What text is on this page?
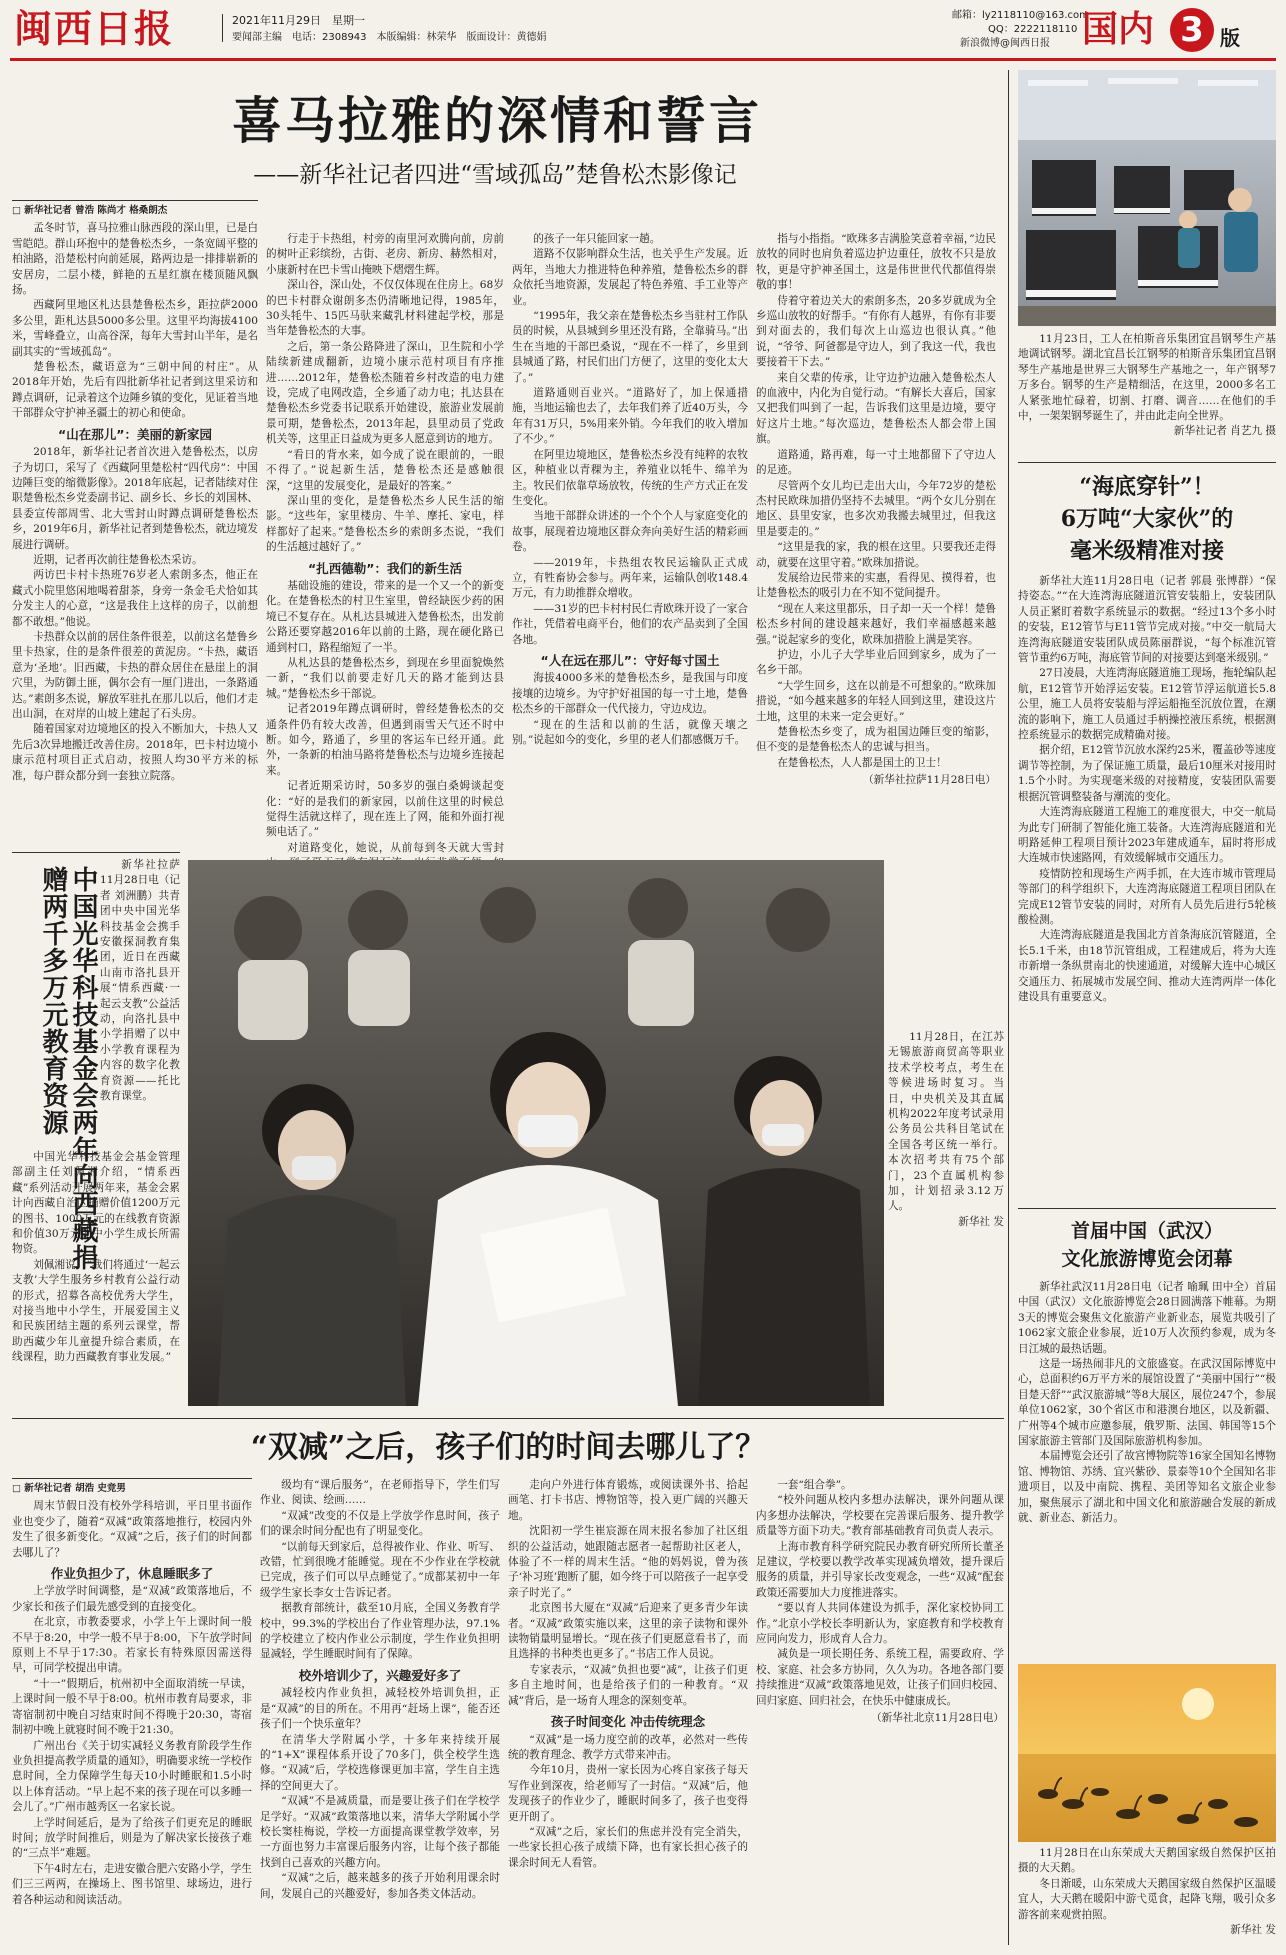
闽西日报	2021年11月29日　星期一
要闻部主编　电话：2308943　本版编辑：林荣华　版面设计：黄德娟
邮箱：ly2118110@163.com
QQ：2222118110
新浪微博@闽西日报 国内 3 版
喜马拉雅的深情和誓言
——新华社记者四进“雪域孤岛”楚鲁松杰影像记
□ 新华社记者 曾浩 陈尚才 格桑朗杰

孟冬时节，喜马拉雅山脉西段的深山里，已是白雪皑皑。群山环抱中的楚鲁松杰乡，一条宽阔平整的柏油路，沿楚松村向前延展，路两边是一排排崭新的安居房，二层小楼，鲜艳的五星红旗在楼顶随风飘扬。

西藏阿里地区札达县楚鲁松杰乡，距拉萨2000多公里，距札达县5000多公里。这里平均海拔4100米，雪峰叠立，山高谷深，每年大雪封山半年，是名副其实的“雪域孤岛”。

楚鲁松杰，藏语意为“三朝中间的村庄”。从2018年开始，先后有四批新华社记者到这里采访和蹲点调研，记录着这个边陲乡镇的变化，见证着当地干部群众守护神圣疆土的初心和使命。

“山在那儿”：美丽的新家园

2018年，新华社记者首次进入楚鲁松杰，以房子为切口，采写了《西藏阿里楚松村“四代房”：中国边陲巨变的缩微影像》。2018年底起，记者陆续对住职楚鲁松杰乡党委副书记、副乡长、乡长的刘国林、县委宣传部周雪、北大雪封山时蹲点调研楚鲁松杰乡，2019年6月，新华社记者到楚鲁松杰，就边境发展进行调研。

近期，记者再次前往楚鲁松杰采访。

两访巴卡村卡热班76岁老人索朗多杰，他正在藏式小院里悠闲地喝着甜茶，身旁一条金毛犬恰如其分发主人的心意，“这是我住上这样的房子，以前想都不敢想。”他说。

卡热群众以前的居住条件很差，以前这名楚鲁乡里卡热家，住的是条件很差的黄泥房。“卡热，藏语意为‘圣地’。旧西藏，卡热的群众居住在悬崖上的洞穴里，为防御土匪，偶尔会有一厘门进出，一条路通达。”素朗多杰说，解放军驻扎在那儿以后，他们才走出山洞，在对岸的山坡上建起了石头房。

随着国家对边境地区的投入不断加大，卡热人又先后3次异地搬迁改善住房。2018年，巴卡村边境小康示范村项目正式启动，按照人均30平方米的标准，每户群众都分到一套独立院落。

行走于卡热组，村旁的南里河欢腾向前，房前的树叶正彩缤纷，古街、老房、新房、赫然相对，小康新村在巴卡雪山掩映下熠熠生辉。

深山谷，深山处，不仅仅体现在住房上。68岁的巴卡村群众谢朗多杰仍清晰地记得，1985年，30头牦牛、15匹马驮来藏乳材料建起学校，那是当年楚鲁松杰的大事。

之后，第一条公路降进了深山，卫生院和小学陆续新建成翻新，边境小康示范村项目有序推进……2012年，楚鲁松杰随着乡村改造的电力建设，完成了电网改造，全乡通了动力电；扎达县在楚鲁松杰乡党委书记联系开始建设，旅游业发展前景可期，楚鲁松杰，2013年起，县里动员了党政机关等，这里正日益成为更多人愿意到访的地方。

“看日的背水来，如今成了说在眼前的，一眼不得了。”说起新生活，楚鲁松杰还是感触很深，“这里的发展变化，是最好的答案。”

深山里的变化，是楚鲁松杰乡人民生活的缩影。“这些年，家里楼房、牛羊、摩托、家电，样样都好了起来。”楚鲁松杰乡的索朗多杰说，“我们的生活越过越好了。”

“扎西德勒”：我们的新生活

基础设施的建设，带来的是一个又一个的新变化。在楚鲁松杰的村卫生室里，曾经缺医少药的困境已不复存在。从札达县城进入楚鲁松杰，出发前公路还要穿越2016年以前的土路，现在硬化路已通到村口，路程缩短了一半。

从札达县的楚鲁松杰乡，到现在乡里面貌焕然一新，“我们以前要走好几天的路才能到达县城。”楚鲁松杰乡干部说。

记者2019年蹲点调研时，曾经楚鲁松杰的交通条件仍有较大改善，但遇到雨雪天气还不时中断。如今，路通了，乡里的客运车已经开通。此外，一条新的柏油马路将楚鲁松杰与边境乡连接起来。

记者近期采访时，50多岁的强白桑姆谈起变化：“好的是我们的新家园，以前住这里的时候总觉得生活就这样了，现在连上了网，能和外面打视频电话了。”

对道路变化，她说，从前每到冬天就大雪封

的孩子一年只能回家一趟。

道路不仅影响群众生活，也关乎生产发展。近两年，当地大力推进特色种养殖，楚鲁松杰乡的群众依托当地资源，发展起了特色养殖、手工业等产业。

“1995年，我父亲在楚鲁松杰乡当驻村工作队员的时候，从县城到乡里还没有路，全靠骑马。”出生在当地的干部巴桑说，“现在不一样了，乡里到县城通了路，村民们出门方便了，这里的变化太大了。”

道路通则百业兴。“道路好了，加上保通措施，当地运输也去了，去年我们养了近40万头，今年有31万只，5%用来外销。今年我们的收入增加了不少。”

在阿里边境地区，楚鲁松杰乡没有纯粹的农牧区，种植业以青稞为主，养殖业以牦牛、绵羊为主。牧民们依靠草场放牧，传统的生产方式正在发生变化。

当地干部群众讲述的一个个个人与家庭变化的故事，展现着边境地区群众奔向美好生活的精彩画卷。

——2019年，卡热组农牧民运输队正式成立，有牲畜协会参与。两年来，运输队创收148.4万元，有力助推群众增收。

——31岁的巴卡村村民仁青欧珠开设了一家合作社，凭借着电商平台，他们的农产品卖到了全国各地。

“人在远在那儿”：守好每寸国土

海拔4000多米的楚鲁松杰乡，是我国与印度接壤的边境乡。为守护好祖国的每一寸土地，楚鲁松杰乡的干部群众一代代接力，守边戍边。

“现在的生活和以前的生活，就像天壤之别。”说起如今的变化，乡里的老人们都感慨万千。

指与小指指。“欧珠多吉满脸笑意着幸福，”边民放牧的同时也肩负着巡边护边重任，放牧不只是放牧，更是守护神圣国土，这是伟世世代代都值得崇敬的事！

侍着守着边关大的索朗多杰，20多岁就成为全乡巡山放牧的好帮手。“有你有人越界，有你有非要到对面去的，我们每次上山巡边也很认真。”他说，“爷爷、阿爸都是守边人，到了我这一代，我也要接着干下去。”

来自父辈的传承，让守边护边融入楚鲁松杰人的血液中，内化为自觉行动。“有解长大喜后，国家又把我们叫到了一起，告诉我们这里是边境，要守好这片土地。”每次巡边，楚鲁松杰人都会带上国旗。

道路通，路再难，每一寸土地都留下了守边人的足迹。

尽管两个女儿均已走出大山，今年72岁的楚松杰村民欧珠加措仍坚持不去城里。“两个女儿分别在地区、县里安家，也多次劝我搬去城里过，但我这里是要走的。”

“这里是我的家，我的根在这里。只要我还走得动，就要在这里守着。”欧珠加措说。

发展给边民带来的实惠，看得见、摸得着，也让楚鲁松杰的吸引力在不知不觉间提升。

“现在人来这里都乐，日子却一天一个样！楚鲁松杰乡村间的建设越来越好，我们幸福感越来越强。”说起家乡的变化，欧珠加措脸上满是笑容。

护边，小儿子大学毕业后回到家乡，成为了一名乡干部。

“大学生回乡，这在以前是不可想象的。”欧珠加措说，“如今越来越多的年轻人回到这里，建设这片土地，这里的未来一定会更好。”

楚鲁松杰乡变了，成为祖国边陲巨变的缩影，但不变的是楚鲁松杰人的忠诚与担当。

在楚鲁松杰，人人都是国土的卫士！

（新华社拉萨11月28日电）

11月23日，工人在柏斯音乐集团宜昌钢琴生产基地调试钢琴。湖北宜昌长江钢琴的柏斯音乐集团宜昌钢琴生产基地是世界三大钢琴生产基地之一，年产钢琴7万多台。钢琴的生产是精细活，在这里，2000多名工人紧张地忙碌着，切割、打磨、调音……在他们的手中，一架架钢琴诞生了，并由此走向全世界。

新华社记者 肖艺九 摄

“海底穿针”！
6万吨“大家伙”的
毫米级精准对接

新华社大连11月28日电（记者 郭晨 张博群）“保持姿态。”“在大连湾海底隧道沉管安装船上，安装团队人员正紧盯着数字系统显示的数据。“经过13个多小时的安装，E12管节与E11管节完成对接。”中交一航局大连湾海底隧道安装团队成员陈丽群说，“每个标准沉管管节重约6万吨，海底管节间的对接要达到毫米级别。”

27日凌晨，大连湾海底隧道施工现场，拖轮编队起航，E12管节开始浮运安装。E12管节浮运航道长5.8公里，施工人员将安装船与浮运船拖至沉放位置，在潮流的影响下，施工人员通过手柄操控液压系统，根据测控系统显示的数据完成精确对接。

据介绍，E12管节沉放水深约25米，覆盖砂等速度调节等控制，为了保证施工质量，最后10厘米对接用时1.5个小时。为实现毫米级的对接精度，安装团队需要根据沉管调整装备与潮流的变化。

大连湾海底隧道工程施工的难度很大，中交一航局为此专门研制了智能化施工装备。大连湾海底隧道和光明路延伸工程项目预计2023年建成通车，届时将形成大连城市快速路网，有效缓解城市交通压力。

疫情防控和现场生产两手抓，在大连市城市管理局等部门的科学组织下，大连湾海底隧道工程项目团队在完成E12管节安装的同时，对所有人员先后进行5轮核酸检测。

大连湾海底隧道是我国北方首条海底沉管隧道，全长5.1千米，由18节沉管组成，工程建成后，将为大连市新增一条纵贯南北的快速通道，对缓解大连中心城区交通压力、拓展城市发展空间、推动大连湾两岸一体化建设具有重要意义。

首届中国（武汉）
文化旅游博览会闭幕

新华社武汉11月28日电（记者 喻珮 田中全）首届中国（武汉）文化旅游博览会28日圆满落下帷幕。为期3天的博览会聚焦文化旅游产业新业态，展览共吸引了1062家文旅企业参展，近10万人次预约参观，成为冬日江城的最热话题。

这是一场热闹非凡的文旅盛宴。在武汉国际博览中心，总面积约6万平方米的展馆设置了“美丽中国行”“极目楚天舒”“武汉旅游城”等8大展区，展位247个，参展单位1062家，30个省区市和港澳台地区，以及新疆、广州等4个城市应邀参展，俄罗斯、法国、韩国等15个国家旅游主管部门及国际旅游机构参加。

本届博览会还引了故宫博物院等16家全国知名博物馆、博物馆、苏绣、宜兴紫砂、景泰等10个全国知名非遗项目，以及中南院、携程、美团等知名文旅企业参加，聚焦展示了湖北和中国文化和旅游融合发展的新成就、新业态、新活力。

11月28日在山东荣成大天鹅国家级自然保护区拍摄的大天鹅。

冬日渐暖，山东荣成大天鹅国家级自然保护区温暖宜人，大天鹅在暖阳中游弋觅食，起降飞翔，吸引众多游客前来观赏拍照。

新华社 发

中国光华科技基金会两年向西藏捐赠两千多万元教育资源

新华社拉萨11月28日电（记者 刘洲鹏）共青团中央中国光华科技基金会携手安徽探洞教育集团，近日在西藏山南市洛扎县开展“情系西藏·一起云支教”公益活动，向洛扎县中小学捐赠了以中小学教育课程为内容的数字化教育资源——托比教育课堂。

中国光华科技基金会基金管理部副主任刘佩湘介绍，“情系西藏”系列活动开展两年来，基金会累计向西藏自治区捐赠价值1200万元的图书、1000万元的在线教育资源和价值30万元的中小学生成长所需物资。

刘佩湘说：“我们将通过‘一起云支教’大学生服务乡村教育公益行动的形式，招募各高校优秀大学生，对接当地中小学生，开展爱国主义和民族团结主题的系列云课堂，帮助西藏少年儿童提升综合素质，在线课程，助力西藏教育事业发展。”

11月28日，在江苏无锡旅游商贸高等职业技术学校考点，考生在等候进场时复习。当日，中央机关及其直属机构2022年度考试录用公务员公共科目笔试在全国各考区统一举行。本次招考共有75个部门，23个直属机构参加，计划招录3.12万人。

新华社 发

“双减”之后，孩子们的时间去哪儿了？
□ 新华社记者 胡浩 史竞男

周末节假日没有校外学科培训，平日里书面作业也变少了，随着“双减”政策落地推行，校园内外发生了很多新变化。“双减”之后，孩子们的时间都去哪儿了？

作业负担少了，休息睡眠多了

上学放学时间调整，是“双减”政策落地后，不少家长和孩子们最先感受到的直接变化。

在北京，市教委要求，小学上午上课时间一般不早于8:20，中学一般不早于8:00，下午放学时间原则上不早于17:30。若家长有特殊原因需送得早，可同学校提出申请。

“十一”假期后，杭州初中全面取消统一早读，上课时间一般不早于8:00。杭州市教育局要求，非寄宿制初中晚自习结束时间不得晚于20:30，寄宿制初中晚上就寝时间不晚于21:30。

广州出台《关于切实减轻义务教育阶段学生作业负担提高教学质量的通知》，明确要求统一学校作息时间，全力保障学生每天10小时睡眠和1.5小时以上体育活动。“早上起不来的孩子现在可以多睡一会儿了。”广州市越秀区一名家长说。

上学时间延后，是为了给孩子们更充足的睡眠时间；放学时间推后，则是为了解决家长接孩子难的“三点半”难题。

下午4时左右，走进安徽合肥六安路小学，学生们三三两两，在操场上、图书馆里、球场边，进行着各种运动和阅读活动。

级均有“课后服务”，在老师指导下，学生们写作业、阅读、绘画……

“双减”改变的不仅是上学放学作息时间，孩子们的课余时间分配也有了明显变化。

“以前每天到家后，总得被作业、作业、听写、改错，忙到很晚才能睡觉。现在不少作业在学校就已完成，孩子们可以早点睡觉了。”成都某初中一年级学生家长李女士告诉记者。

据教育部统计，截至10月底，全国义务教育学校中，99.3%的学校出台了作业管理办法，97.1%的学校建立了校内作业公示制度，学生作业负担明显减轻，学生睡眠时间有了保障。

校外培训少了，兴趣爱好多了

减轻校内作业负担，减轻校外培训负担，正是“双减”的目的所在。不用再“赶场上课”，能否还孩子们一个快乐童年？

在清华大学附属小学，十多年来持续开展的“1+X”课程体系开设了70多门，供全校学生选修。“双减”后，学校选修课更加丰富，学生自主选择的空间更大了。

“双减”不是减质量，而是要让孩子们在学校学足学好。“双减”政策落地以来，清华大学附属小学校长窦桂梅说，学校一方面提高课堂教学效率，另一方面也努力丰富课后服务内容，让每个孩子都能找到自己喜欢的兴趣方向。

“双减”之后，越来越多的孩子开始利用课余时间，发展自己的兴趣爱好，参加各类文体活动。

走向户外进行体育锻炼，或阅读课外书、拾起画笔、打卡书店、博物馆等，投入更广阔的兴趣天地。

沈阳初一学生崔宸源在周末报名参加了社区组织的公益活动，她跟随志愿者一起帮助社区老人，体验了不一样的周末生活。“他的妈妈说，曾为孩子‘补习班’跑断了腿，如今终于可以陪孩子一起享受亲子时光了。”

北京图书大厦在“双减”后迎来了更多青少年读者。“双减”政策实施以来，这里的亲子读物和课外读物销量明显增长。“现在孩子们更愿意看书了，而且选择的书种类也更多了。”书店工作人员说。

专家表示，“双减”负担也要“减”，让孩子们更多自主地时间，也是给孩子们的一种教育。“双减”背后，是一场育人理念的深刻变革。

孩子时间变化 冲击传统理念

“双减”是一场力度空前的改革，必然对一些传统的教育理念、教学方式带来冲击。

今年10月，贵州一家长因为心疼自家孩子每天写作业到深夜，给老师写了一封信。“双减”后，他发现孩子的作业少了，睡眠时间多了，孩子也变得更开朗了。

“双减”之后，家长们的焦虑并没有完全消失，一些家长担心孩子成绩下降，也有家长担心孩子的课余时间无人看管。

一套“组合拳”。

“校外问题从校内多想办法解决，课外问题从课内多想办法解决，学校要在完善课后服务、提升教学质量等方面下功夫。”教育部基础教育司负责人表示。

上海市教育科学研究院民办教育研究所所长董圣足建议，学校要以教学改革实现减负增效，提升课后服务的质量，并引导家长改变观念，一些“双减”配套政策还需要加大力度推进落实。

“要以育人共同体建设为抓手，深化家校协同工作。”北京小学校长李明新认为，家庭教育和学校教育应同向发力，形成育人合力。

减负是一项长期任务、系统工程，需要政府、学校、家庭、社会多方协同，久久为功。各地各部门要持续推进“双减”政策落地见效，让孩子们回归校园、回归家庭、回归社会，在快乐中健康成长。

（新华社北京11月28日电）
